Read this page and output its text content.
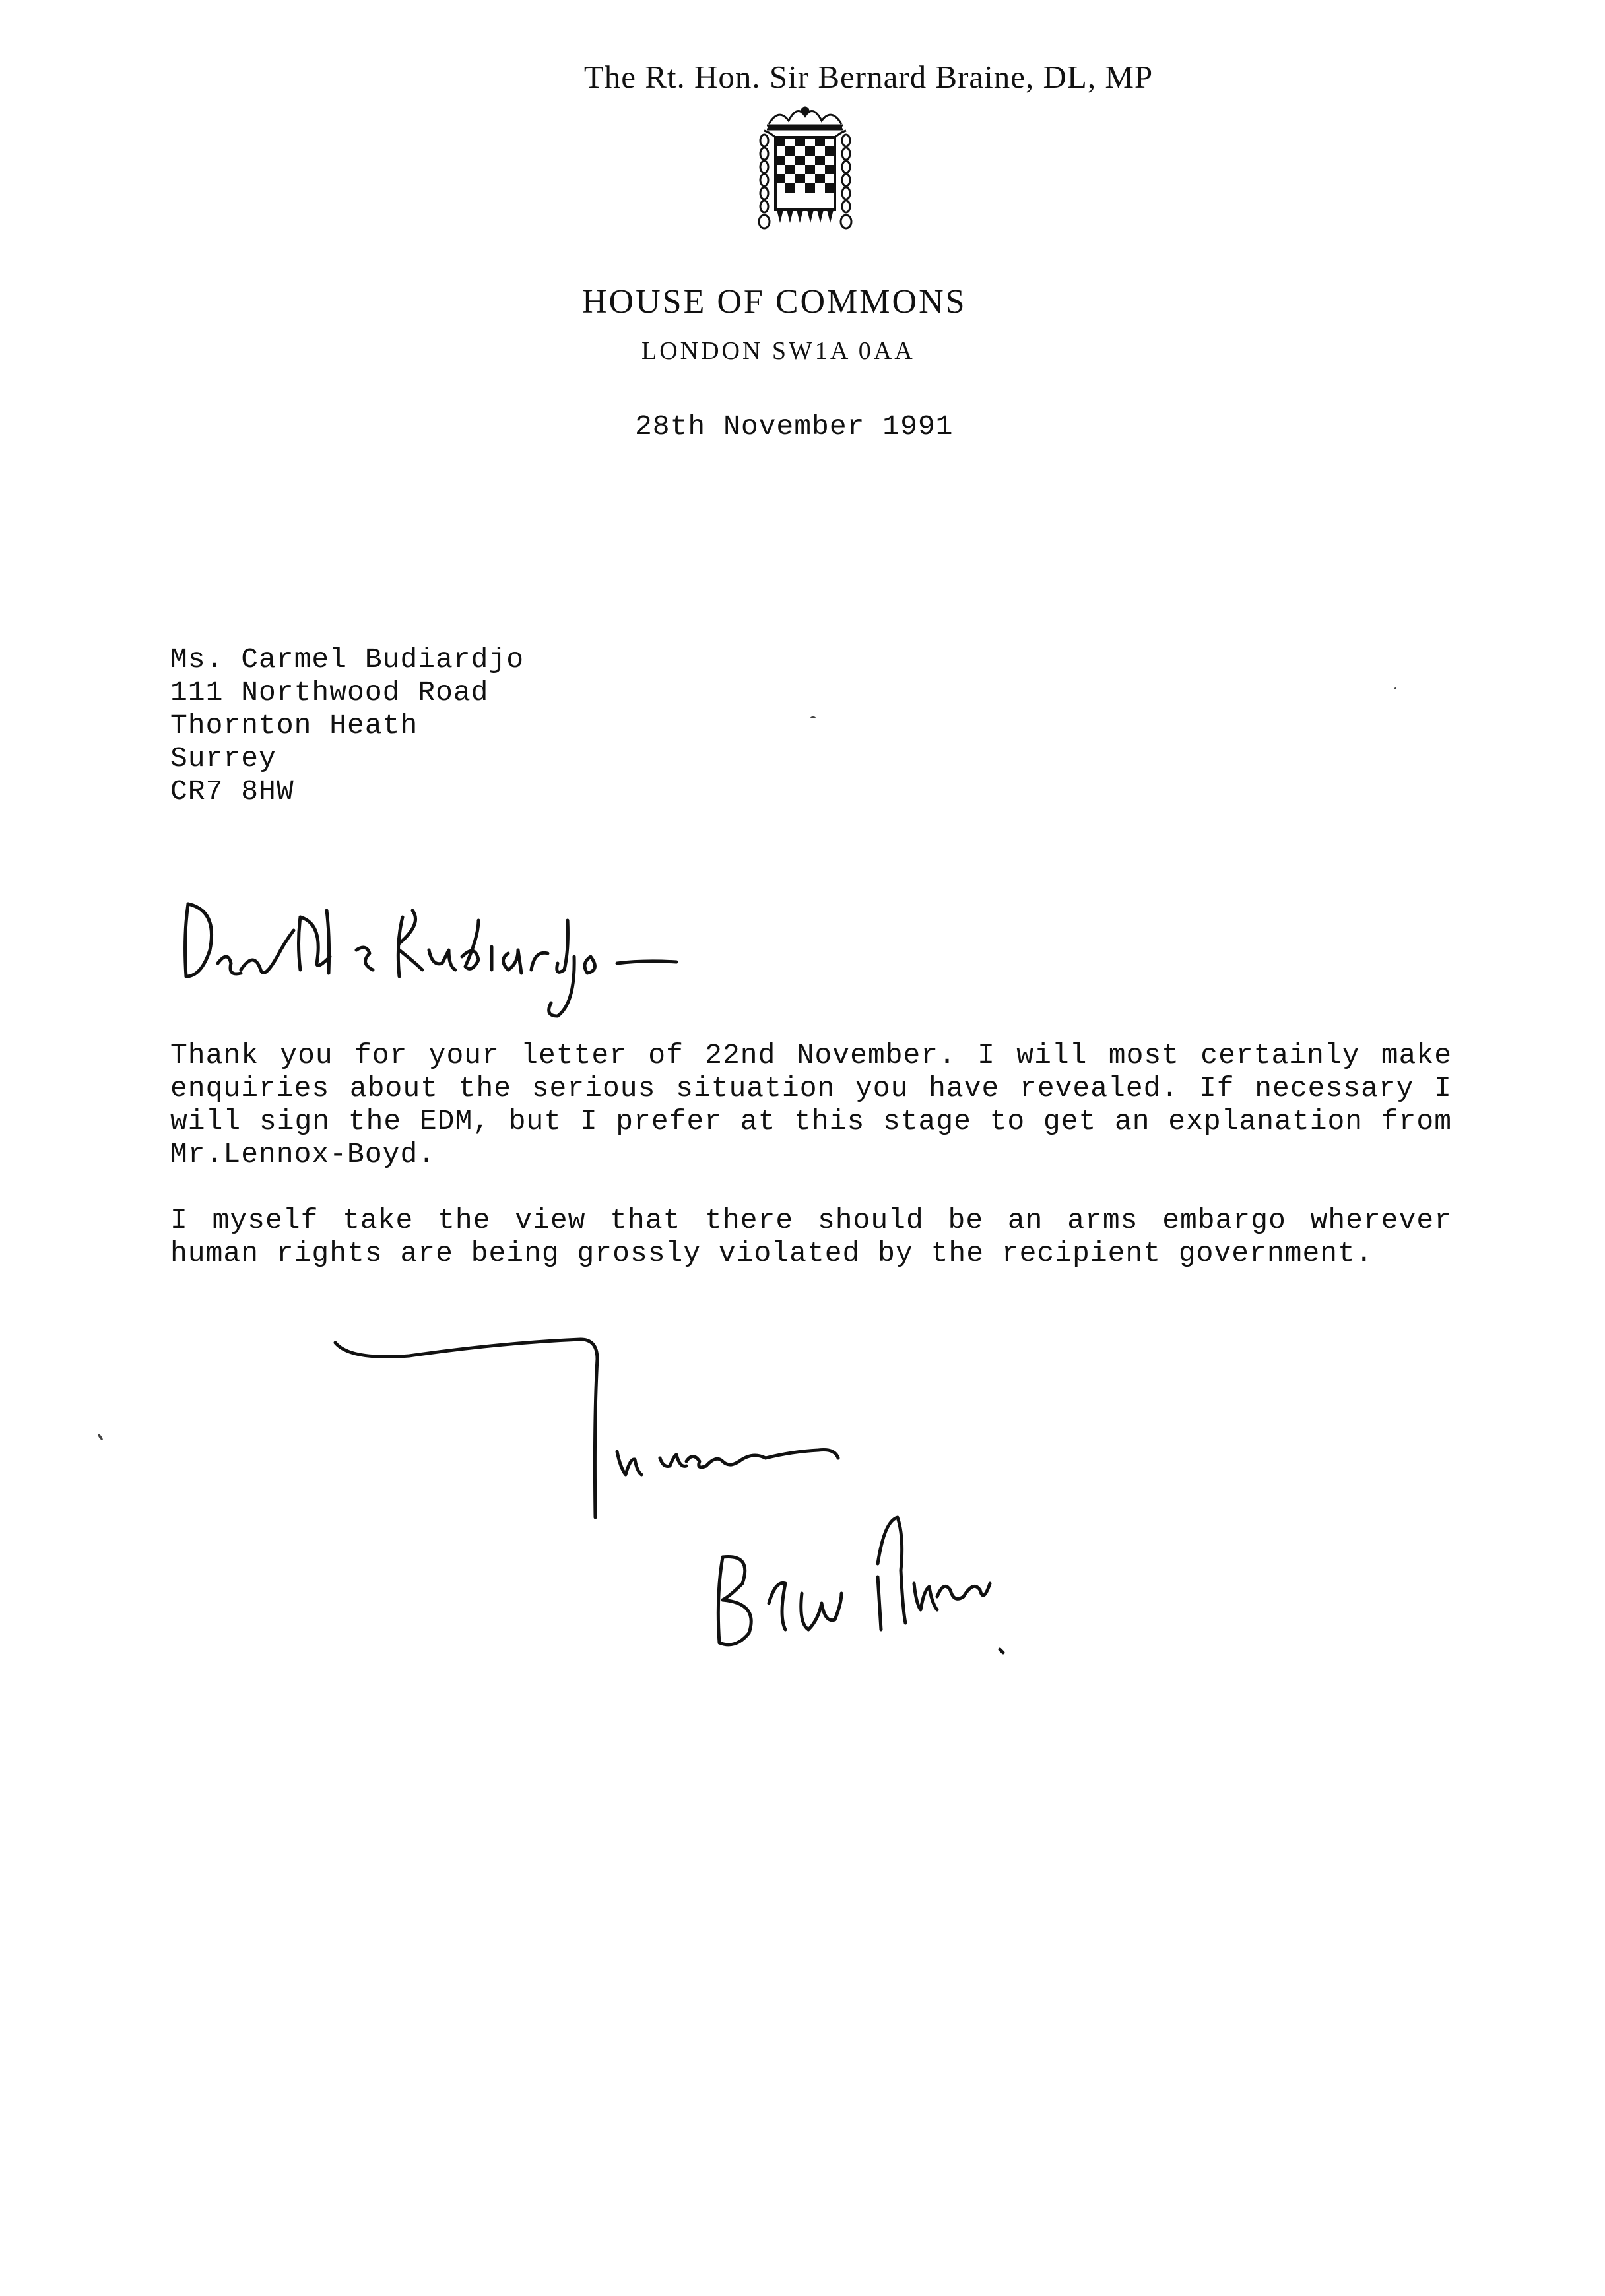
The Rt. Hon. Sir Bernard Braine, DL, MP
HOUSE OF COMMONS
LONDON SW1A 0AA
28th November 1991
Ms. Carmel Budiardjo
111 Northwood Road
Thornton Heath
Surrey
CR7 8HW

Thank you for your letter of 22nd November. I will most certainly make enquiries about the serious situation you have revealed. If necessary I will sign the EDM, but I prefer at this stage to get an explanation from Mr.Lennox-Boyd.

I myself take the view that there should be an arms embargo wherever human rights are being grossly violated by the recipient government.
